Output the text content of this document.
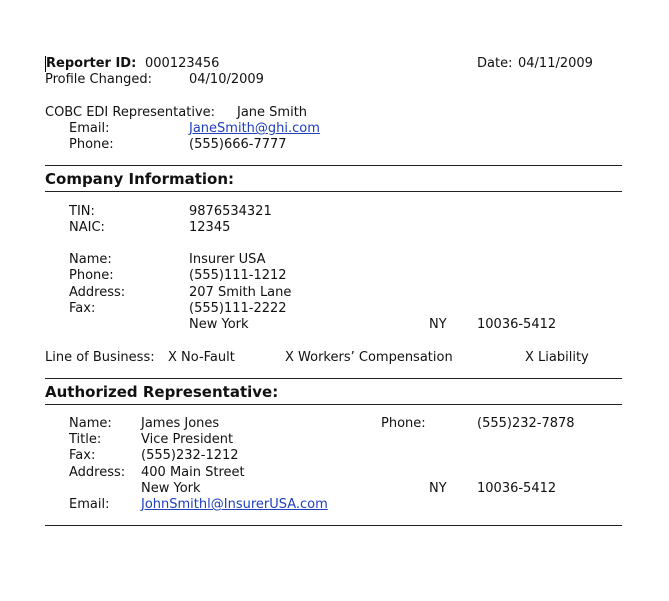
Reporter ID: 000123456	Date: 04/11/2009
Profile Changed:	04/10/2009
COBC EDI Representative: Jane Smith
Email:	JaneSmith@ghi.com
Phone:	(555)666-7777
Company Information:
TIN:	9876534321
NAIC:	12345
Name:	Insurer USA
Phone:	(555)111-1212
Address:	207 Smith Lane
Fax:	(555)111-2222
New York	NY 10036-5412
Line of Business: X No-Fault	X Workers’ Compensation	X Liability
Authorized Representative:
Name: James Jones	Phone:	(555)232-7878
Title:	Vice President
Fax:	(555)232-1212
Address: 400 Main Street
New York	NY 10036-5412
Email: JohnSmithl@InsurerUSA.com
